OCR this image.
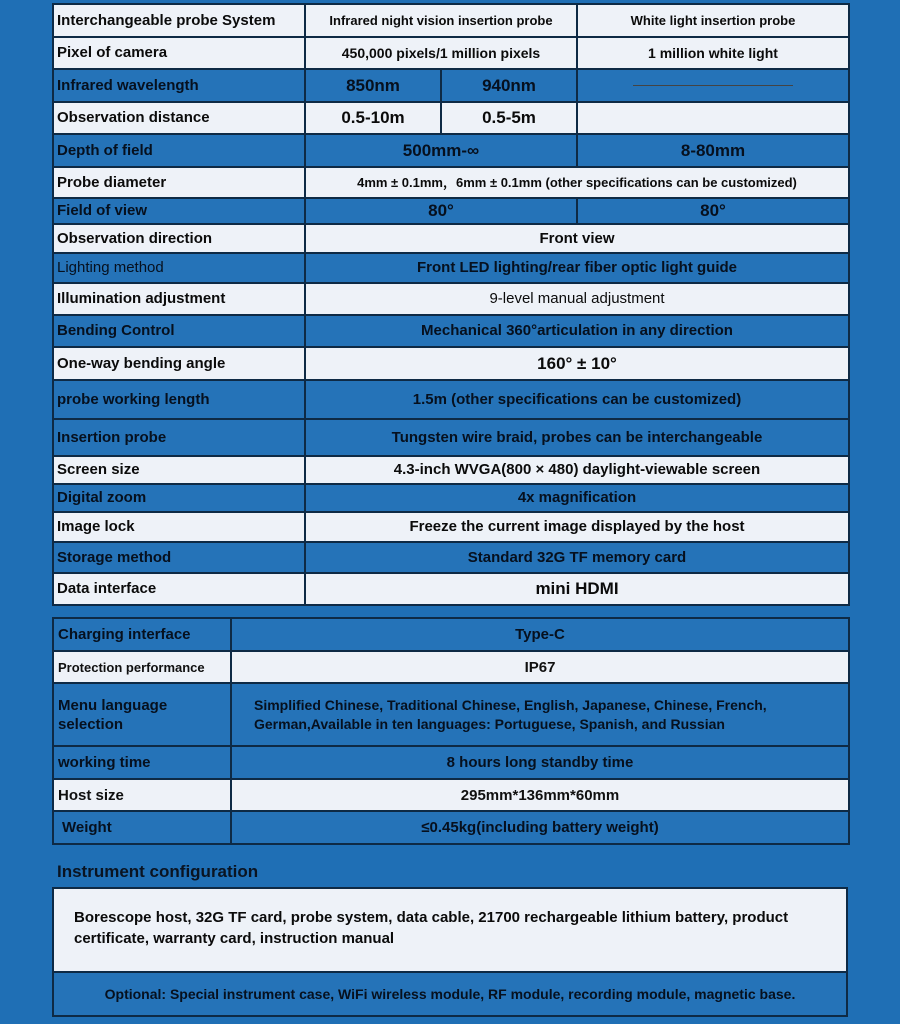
Interchangeable probe System	Infrared night vision insertion probe		White light insertion probe
Pixel of camera	450,000 pixels/1 million pixels		1 million white light
Infrared wavelength	850nm	940nm	
Observation distance	0.5-10m	0.5-5m	
Depth of field	500mm-∞		8-80mm
Probe diameter	4mm ± 0.1mm，6mm ± 0.1mm (other specifications can be customized)		
Field of view	80°		80°
Observation direction	Front view		
Lighting method	Front LED lighting/rear fiber optic light guide		
Illumination adjustment	9-level manual adjustment		
Bending Control	Mechanical 360°articulation in any direction		
One-way bending angle	160° ± 10°		
probe working length	1.5m (other specifications can be customized)		
Insertion probe	Tungsten wire braid, probes can be interchangeable		
Screen size	4.3-inch WVGA(800 × 480) daylight-viewable screen		
Digital zoom	4x magnification		
Image lock	Freeze the current image displayed by the host		
Storage method	Standard 32G TF memory card		
Data interface	mini HDMI		
Charging interface	Type-C
Protection performance	IP67
Menu language selection	Simplified Chinese, Traditional Chinese, English, Japanese, Chinese, French, German,Available in ten languages: Portuguese, Spanish, and Russian
working time	8 hours long standby time
Host size	295mm*136mm*60mm
Weight	≤0.45kg(including battery weight)
Instrument configuration
Borescope host, 32G TF card, probe system, data cable, 21700 rechargeable lithium battery, product certificate, warranty card, instruction manual
Optional: Special instrument case, WiFi wireless module, RF module, recording module, magnetic base.
